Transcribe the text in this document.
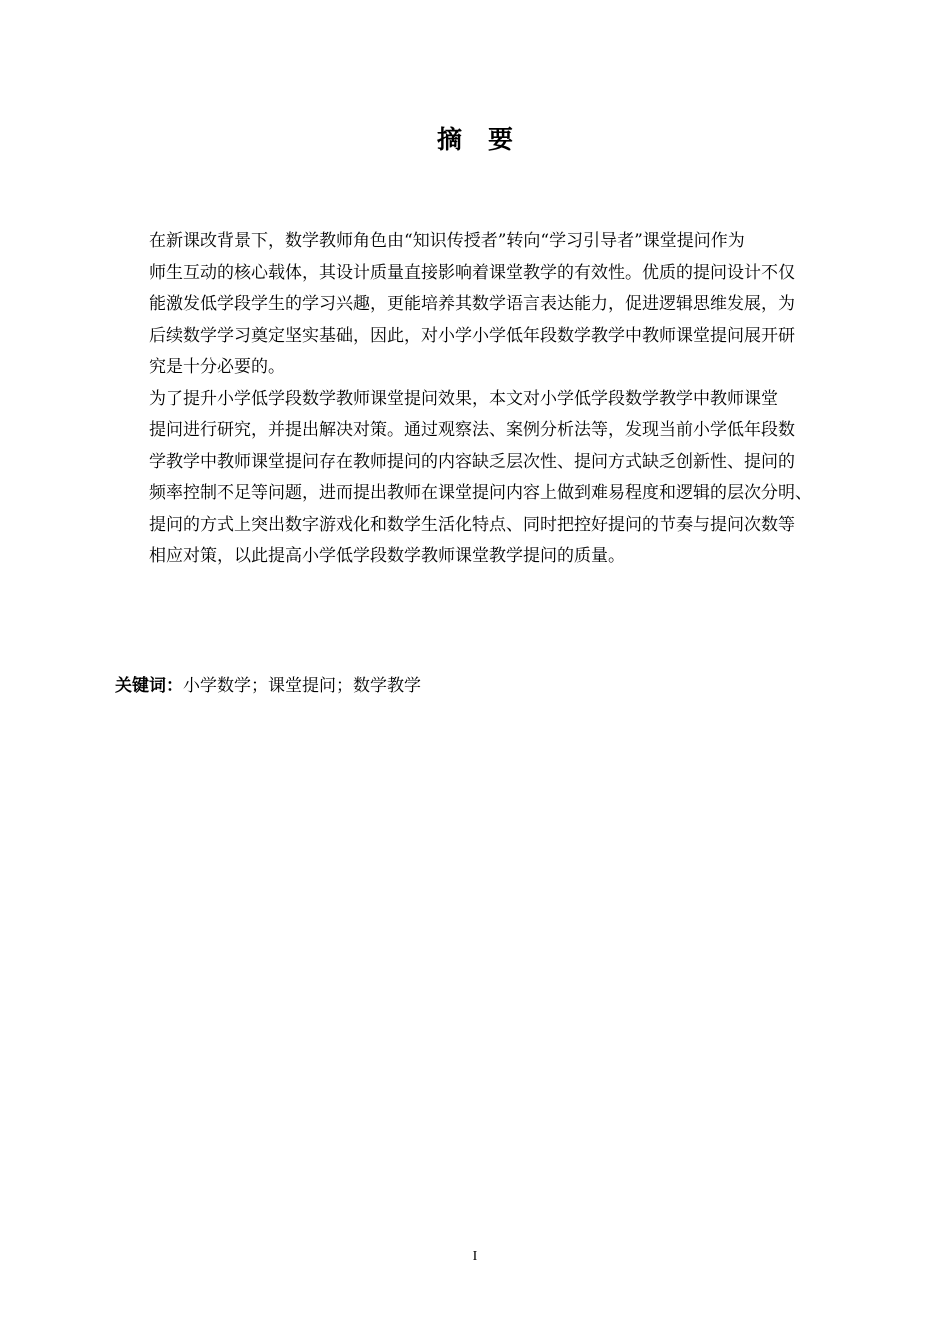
摘要

在新课改背景下，数学教师角色由“知识传授者”转向“学习引导者”课堂提问作为
师生互动的核心载体，其设计质量直接影响着课堂教学的有效性。优质的提问设计不仅
能激发低学段学生的学习兴趣，更能培养其数学语言表达能力，促进逻辑思维发展，为
后续数学学习奠定坚实基础，因此，对小学小学低年段数学教学中教师课堂提问展开研
究是十分必要的。

为了提升小学低学段数学教师课堂提问效果，本文对小学低学段数学教学中教师课堂
提问进行研究，并提出解决对策。通过观察法、案例分析法等，发现当前小学低年段数
学教学中教师课堂提问存在教师提问的内容缺乏层次性、提问方式缺乏创新性、提问的
频率控制不足等问题，进而提出教师在课堂提问内容上做到难易程度和逻辑的层次分明、
提问的方式上突出数字游戏化和数学生活化特点、同时把控好提问的节奏与提问次数等
相应对策，以此提高小学低学段数学教师课堂教学提问的质量。

关键词：小学数学；课堂提问；数学教学
I
